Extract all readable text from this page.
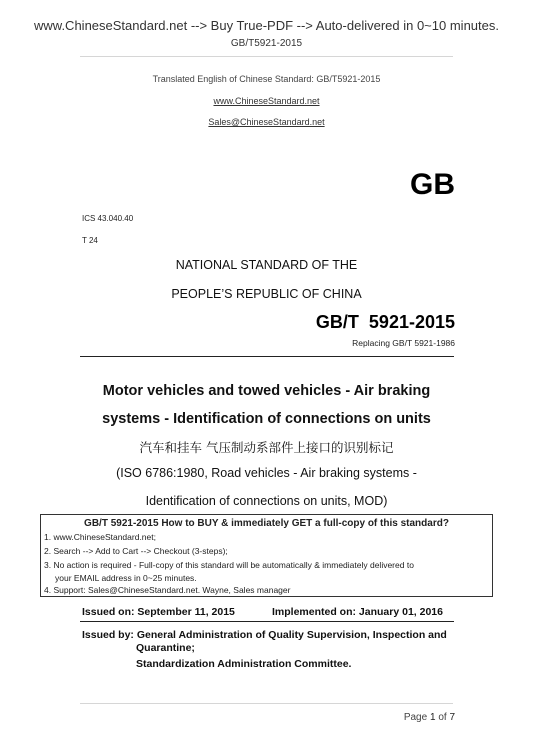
www.ChineseStandard.net --> Buy True-PDF --> Auto-delivered in 0~10 minutes.
GB/T5921-2015
Translated English of Chinese Standard: GB/T5921-2015
www.ChineseStandard.net
Sales@ChineseStandard.net
GB
ICS 43.040.40
T 24
NATIONAL STANDARD OF THE
PEOPLE’S REPUBLIC OF CHINA
GB/T  5921-2015
Replacing GB/T 5921-1986
Motor vehicles and towed vehicles - Air braking
systems - Identification of connections on units
汽车和挂车 气压制动系部件上接口的识别标记
(ISO 6786:1980, Road vehicles - Air braking systems -
Identification of connections on units, MOD)
GB/T 5921-2015 How to BUY & immediately GET a full-copy of this standard?
1. www.ChineseStandard.net;
2. Search --> Add to Cart --> Checkout (3-steps);
3. No action is required - Full-copy of this standard will be automatically & immediately delivered to
your EMAIL address in 0~25 minutes.
4. Support: Sales@ChineseStandard.net. Wayne, Sales manager
Issued on: September 11, 2015	Implemented on: January 01, 2016
Issued by: General Administration of Quality Supervision, Inspection and
Quarantine;
Standardization Administration Committee.
Page 1 of 7
